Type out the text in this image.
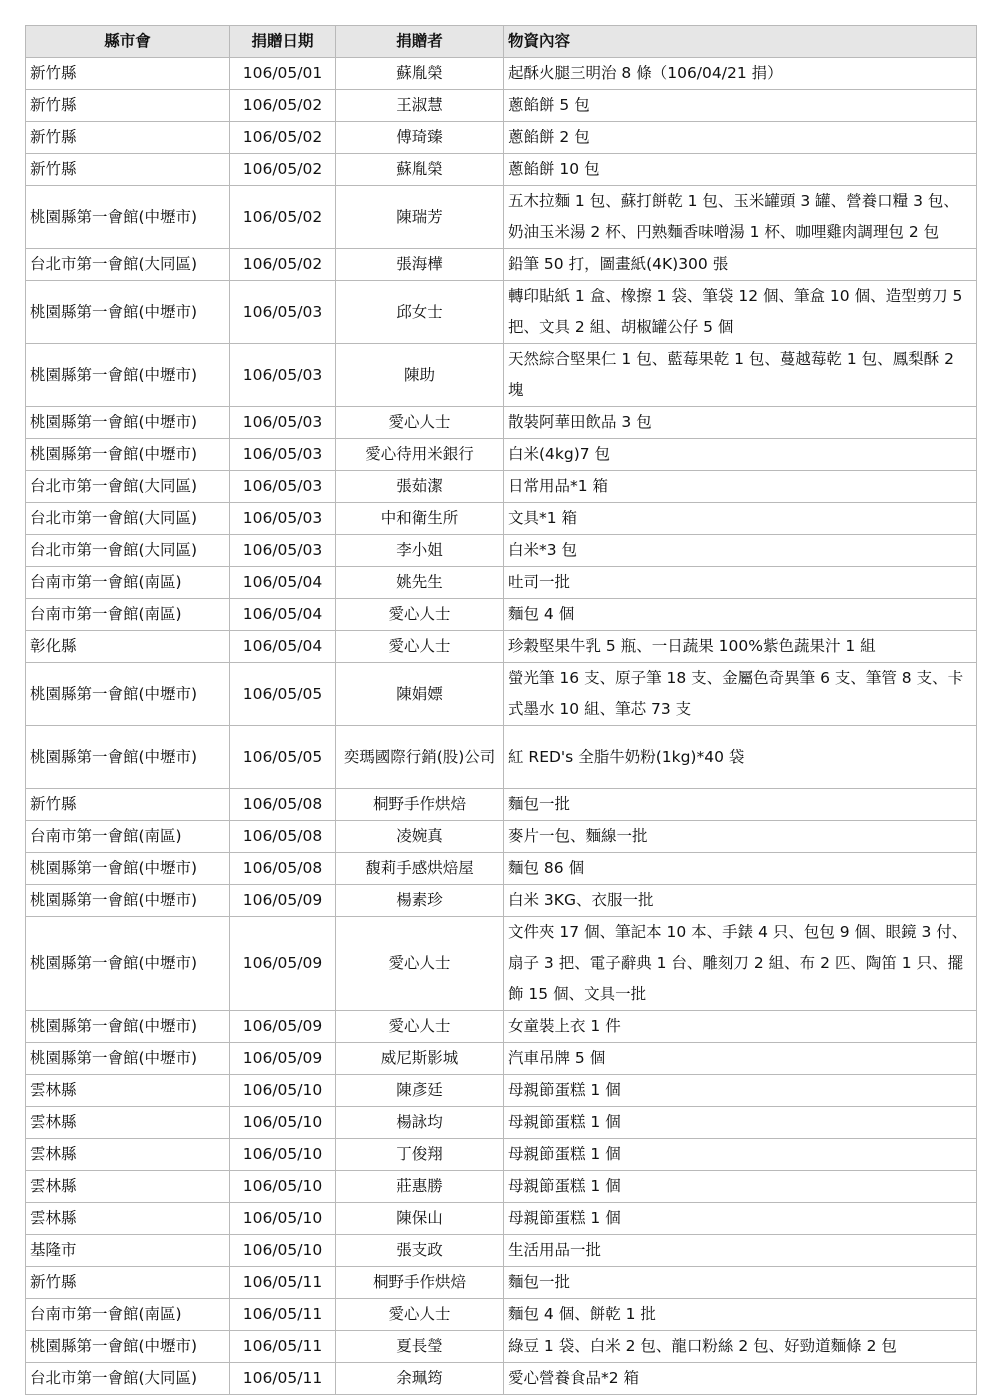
縣市會	捐贈日期	捐贈者	物資內容
新竹縣	106/05/01	蘇胤榮	起酥火腿三明治 8 條（106/04/21 捐）
新竹縣	106/05/02	王淑慧	蔥餡餅 5 包
新竹縣	106/05/02	傅琦臻	蔥餡餅 2 包
新竹縣	106/05/02	蘇胤榮	蔥餡餅 10 包
桃園縣第一會館(中壢市)	106/05/02	陳瑞芳	五木拉麵 1 包、蘇打餅乾 1 包、玉米罐頭 3 罐、營養口糧 3 包、奶油玉米湯 2 杯、円熟麵香味噌湯 1 杯、咖哩雞肉調理包 2 包
台北市第一會館(大同區)	106/05/02	張海樺	鉛筆 50 打，圖畫紙(4K)300 張
桃園縣第一會館(中壢市)	106/05/03	邱女士	轉印貼紙 1 盒、橡擦 1 袋、筆袋 12 個、筆盒 10 個、造型剪刀 5 把、文具 2 組、胡椒罐公仔 5 個
桃園縣第一會館(中壢市)	106/05/03	陳助	天然綜合堅果仁 1 包、藍莓果乾 1 包、蔓越莓乾 1 包、鳳梨酥 2 塊
桃園縣第一會館(中壢市)	106/05/03	愛心人士	散裝阿華田飲品 3 包
桃園縣第一會館(中壢市)	106/05/03	愛心待用米銀行	白米(4kg)7 包
台北市第一會館(大同區)	106/05/03	張茹潔	日常用品*1 箱
台北市第一會館(大同區)	106/05/03	中和衛生所	文具*1 箱
台北市第一會館(大同區)	106/05/03	李小姐	白米*3 包
台南市第一會館(南區)	106/05/04	姚先生	吐司一批
台南市第一會館(南區)	106/05/04	愛心人士	麵包 4 個
彰化縣	106/05/04	愛心人士	珍穀堅果牛乳 5 瓶、一日蔬果 100%紫色蔬果汁 1 組
桃園縣第一會館(中壢市)	106/05/05	陳娟嫖	螢光筆 16 支、原子筆 18 支、金屬色奇異筆 6 支、筆管 8 支、卡式墨水 10 組、筆芯 73 支
桃園縣第一會館(中壢市)	106/05/05	奕瑪國際行銷(股)公司	紅 RED's 全脂牛奶粉(1kg)*40 袋
新竹縣	106/05/08	桐野手作烘焙	麵包一批
台南市第一會館(南區)	106/05/08	凌婉真	麥片一包、麵線一批
桃園縣第一會館(中壢市)	106/05/08	馥莉手感烘焙屋	麵包 86 個
桃園縣第一會館(中壢市)	106/05/09	楊素珍	白米 3KG、衣服一批
桃園縣第一會館(中壢市)	106/05/09	愛心人士	文件夾 17 個、筆記本 10 本、手錶 4 只、包包 9 個、眼鏡 3 付、扇子 3 把、電子辭典 1 台、雕刻刀 2 組、布 2 匹、陶笛 1 只、擺飾 15 個、文具一批
桃園縣第一會館(中壢市)	106/05/09	愛心人士	女童裝上衣 1 件
桃園縣第一會館(中壢市)	106/05/09	威尼斯影城	汽車吊牌 5 個
雲林縣	106/05/10	陳彥廷	母親節蛋糕 1 個
雲林縣	106/05/10	楊詠均	母親節蛋糕 1 個
雲林縣	106/05/10	丁俊翔	母親節蛋糕 1 個
雲林縣	106/05/10	莊惠勝	母親節蛋糕 1 個
雲林縣	106/05/10	陳保山	母親節蛋糕 1 個
基隆市	106/05/10	張支政	生活用品一批
新竹縣	106/05/11	桐野手作烘焙	麵包一批
台南市第一會館(南區)	106/05/11	愛心人士	麵包 4 個、餅乾 1 批
桃園縣第一會館(中壢市)	106/05/11	夏長瑩	綠豆 1 袋、白米 2 包、龍口粉絲 2 包、好勁道麵條 2 包
台北市第一會館(大同區)	106/05/11	余珮筠	愛心營養食品*2 箱
